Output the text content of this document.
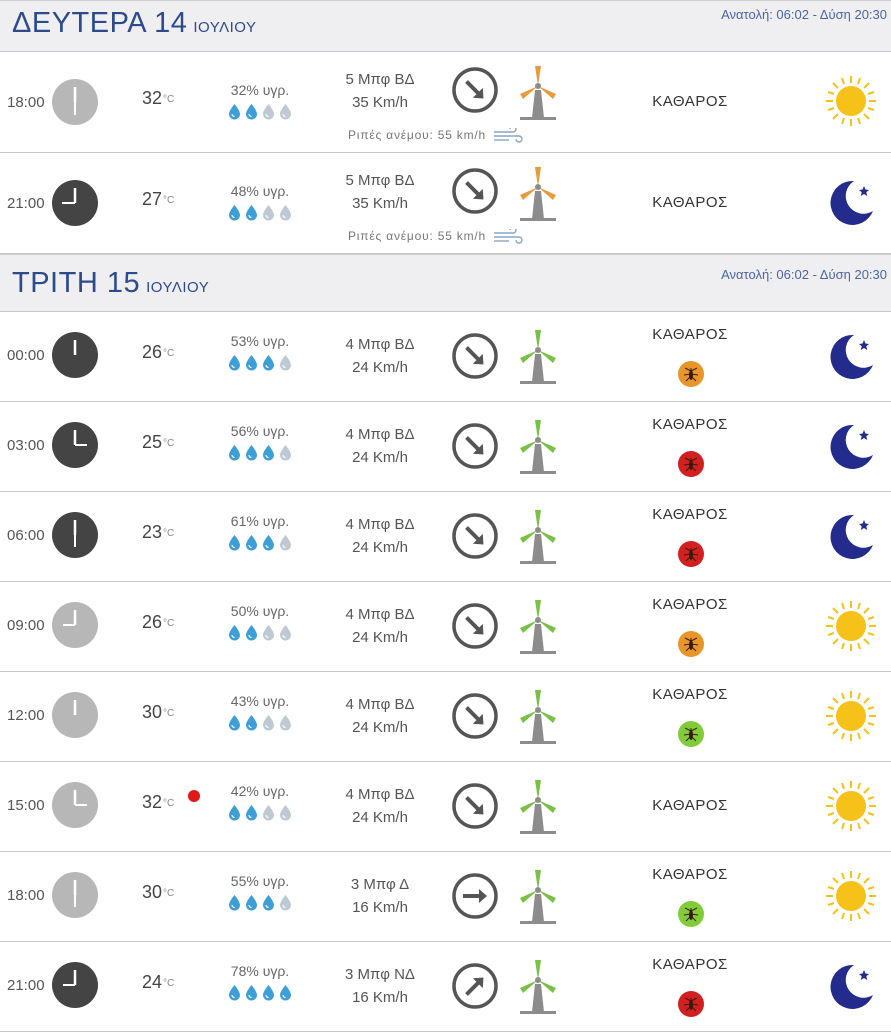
ΔΕΥΤΕΡΑ 14 ΙΟΥΛΙΟΥ
Ανατολή: 06:02 - Δύση 20:30
18:00	$32^{^\circ C}$
32% υγρ.
5 Μπφ ΒΔ
35 Km/h
Ριπές ανέμου: 55 km/h
ΚΑΘΑΡΟΣ
21:00	$27^{^\circ C}$
48% υγρ.
5 Μπφ ΒΔ
35 Km/h
Ριπές ανέμου: 55 km/h
ΚΑΘΑΡΟΣ
ΤΡΙΤΗ 15 ΙΟΥΛΙΟΥ
Ανατολή: 06:02 - Δύση 20:30
00:00	$26^{^\circ C}$
53% υγρ.	4 Μπφ ΒΔ
24 Km/h
ΚΑΘΑΡΟΣ
03:00	$25^{^\circ C}$
56% υγρ.	4 Μπφ ΒΔ
24 Km/h
ΚΑΘΑΡΟΣ
06:00	$23^{^\circ C}$
61% υγρ.	4 Μπφ ΒΔ
24 Km/h
ΚΑΘΑΡΟΣ
09:00	$26^{^\circ C}$
50% υγρ.	4 Μπφ ΒΔ
24 Km/h
ΚΑΘΑΡΟΣ
12:00	$30^{^\circ C}$
43% υγρ.	4 Μπφ ΒΔ
24 Km/h
ΚΑΘΑΡΟΣ
15:00	$32^{^\circ C}$
42% υγρ.	4 Μπφ ΒΔ
24 Km/h
ΚΑΘΑΡΟΣ
18:00	$30^{^\circ C}$
55% υγρ.	3 Μπφ Δ
16 Km/h
ΚΑΘΑΡΟΣ
21:00	$24^{^\circ C}$
78% υγρ.	3 Μπφ ΝΔ
16 Km/h
ΚΑΘΑΡΟΣ
